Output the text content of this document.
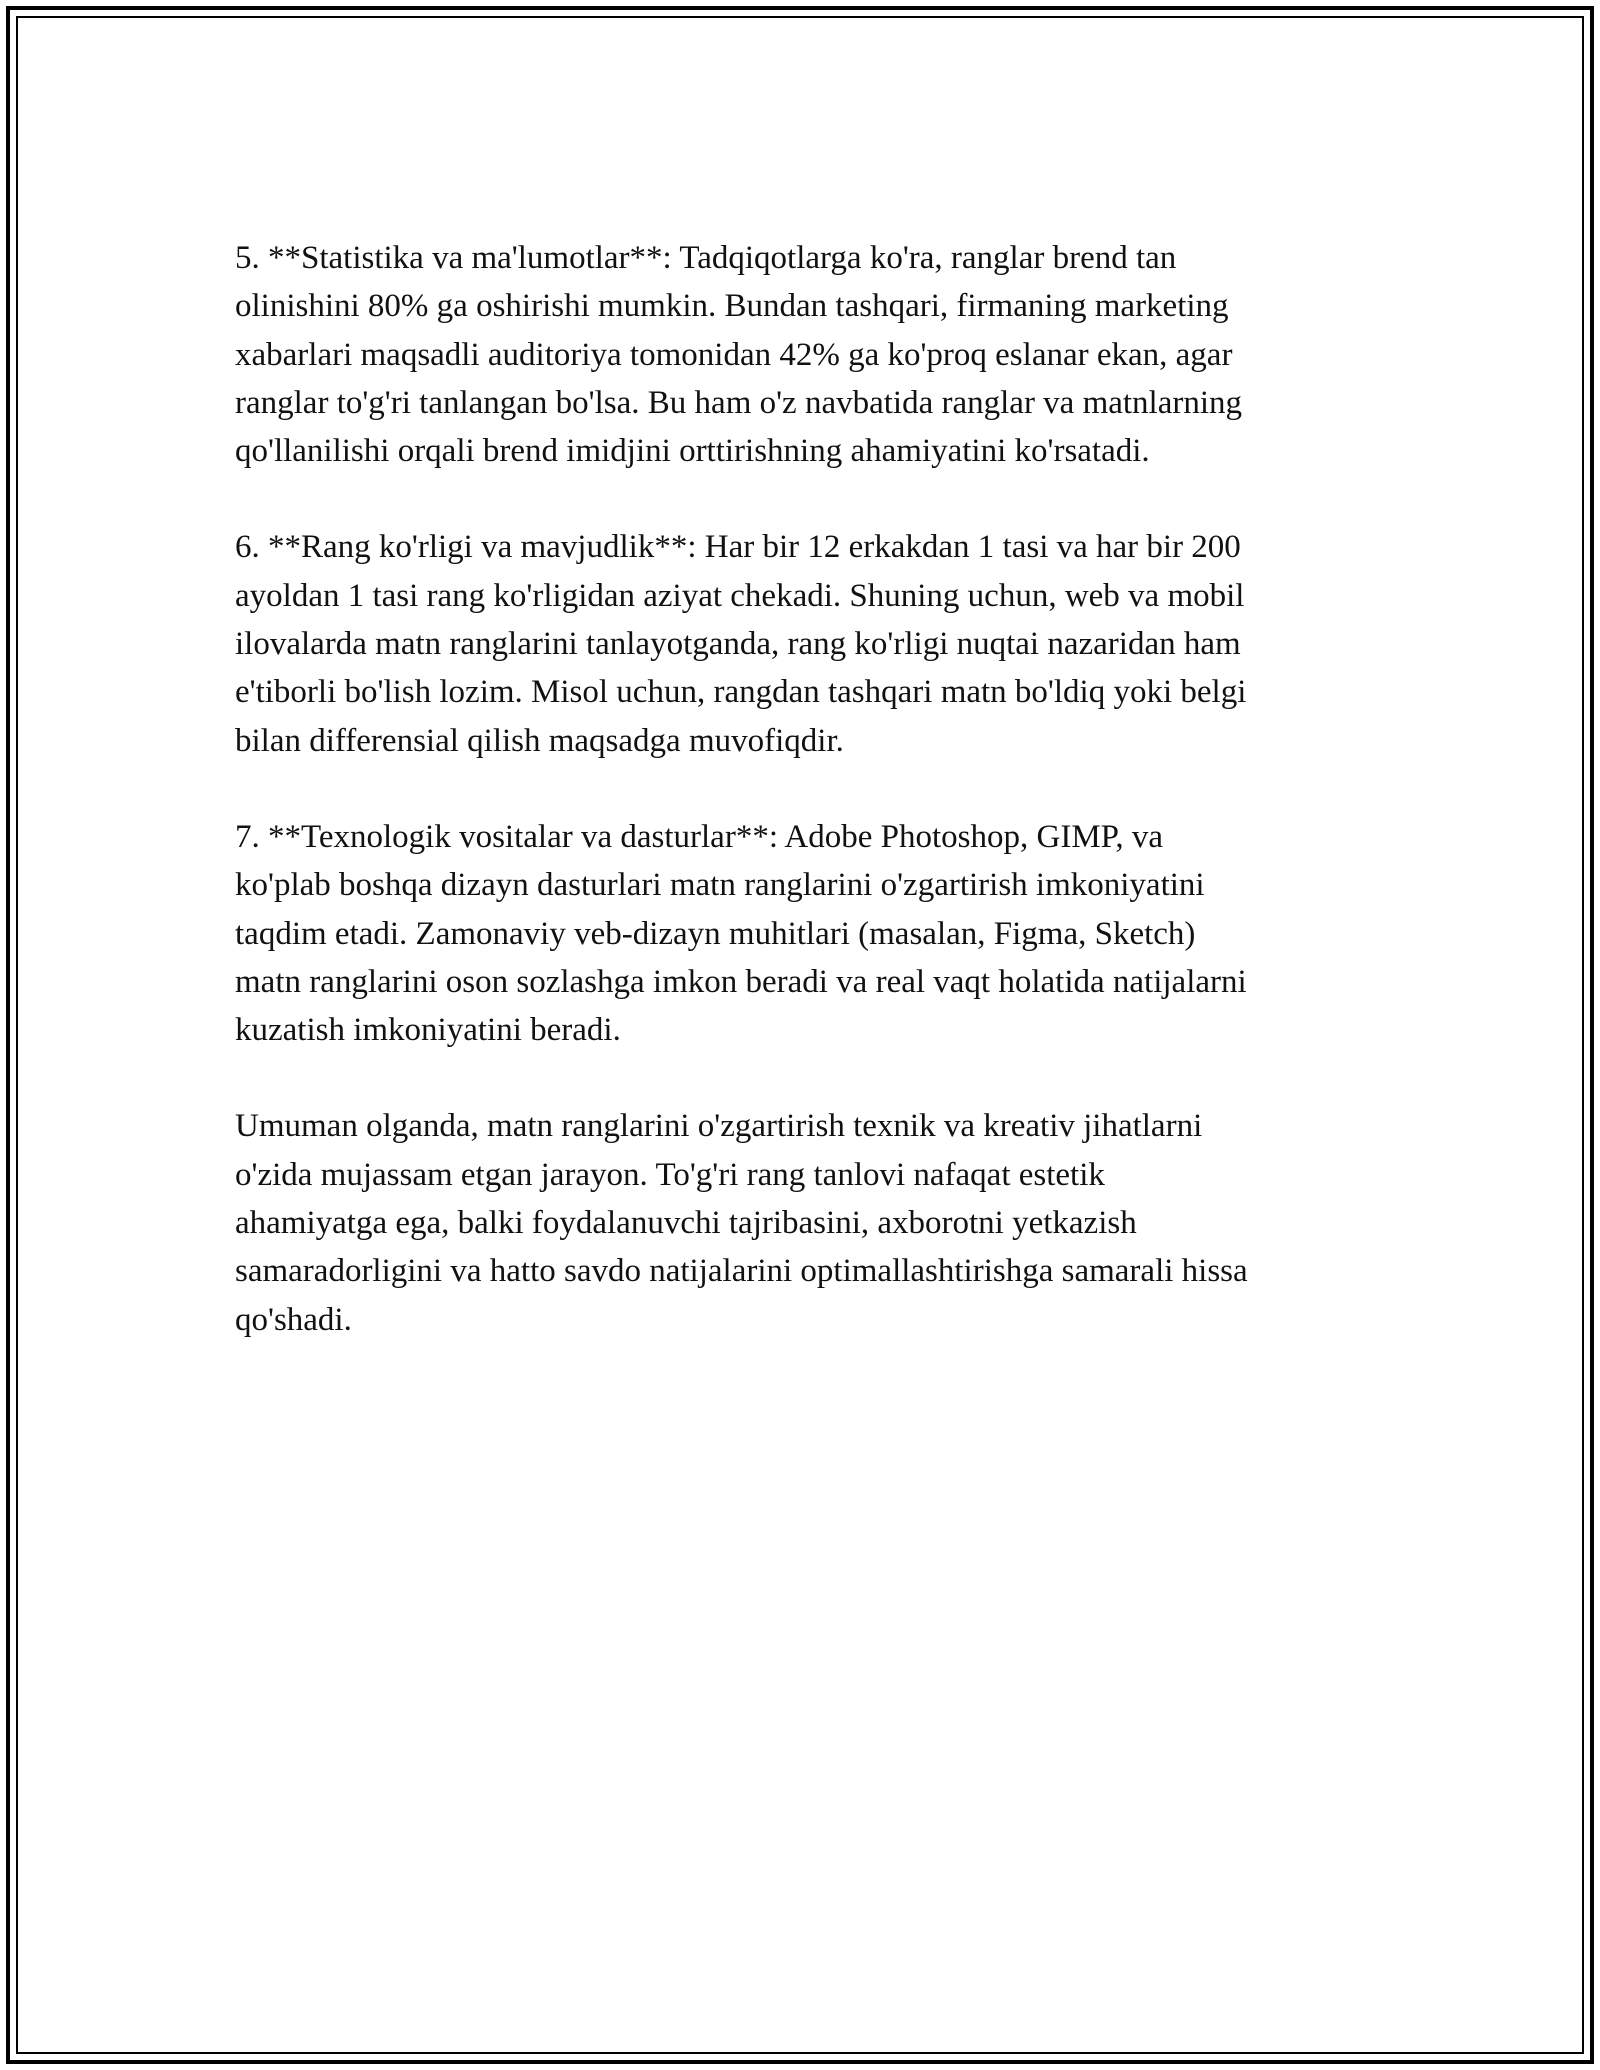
5. **Statistika va ma'lumotlar**: Tadqiqotlarga ko'ra, ranglar brend tan
olinishini 80% ga oshirishi mumkin. Bundan tashqari, firmaning marketing
xabarlari maqsadli auditoriya tomonidan 42% ga ko'proq eslanar ekan, agar
ranglar to'g'ri tanlangan bo'lsa. Bu ham o'z navbatida ranglar va matnlarning
qo'llanilishi orqali brend imidjini orttirishning ahamiyatini ko'rsatadi.

6. **Rang ko'rligi va mavjudlik**: Har bir 12 erkakdan 1 tasi va har bir 200
ayoldan 1 tasi rang ko'rligidan aziyat chekadi. Shuning uchun, web va mobil
ilovalarda matn ranglarini tanlayotganda, rang ko'rligi nuqtai nazaridan ham
e'tiborli bo'lish lozim. Misol uchun, rangdan tashqari matn bo'ldiq yoki belgi
bilan differensial qilish maqsadga muvofiqdir.

7. **Texnologik vositalar va dasturlar**: Adobe Photoshop, GIMP, va
ko'plab boshqa dizayn dasturlari matn ranglarini o'zgartirish imkoniyatini
taqdim etadi. Zamonaviy veb-dizayn muhitlari (masalan, Figma, Sketch)
matn ranglarini oson sozlashga imkon beradi va real vaqt holatida natijalarni
kuzatish imkoniyatini beradi.

Umuman olganda, matn ranglarini o'zgartirish texnik va kreativ jihatlarni
o'zida mujassam etgan jarayon. To'g'ri rang tanlovi nafaqat estetik
ahamiyatga ega, balki foydalanuvchi tajribasini, axborotni yetkazish
samaradorligini va hatto savdo natijalarini optimallashtirishga samarali hissa
qo'shadi.
